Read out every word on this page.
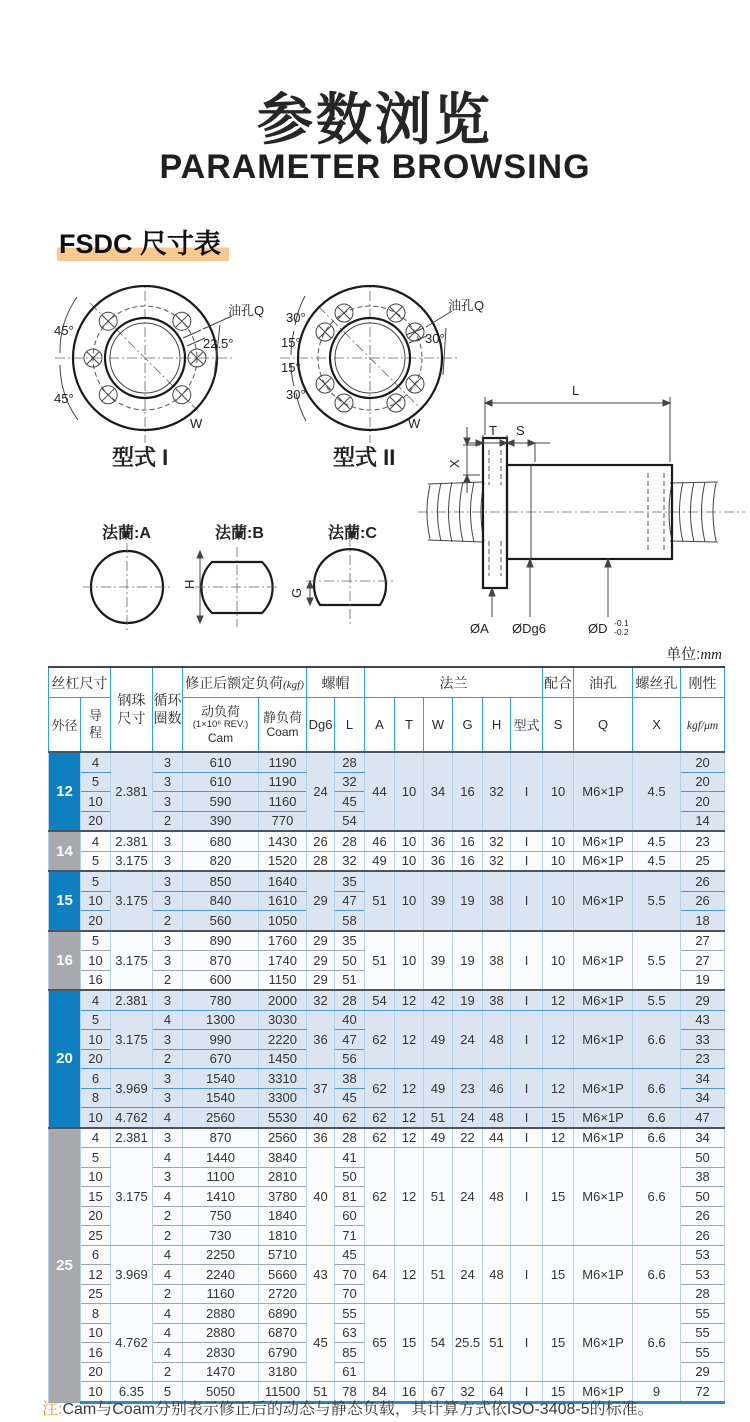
参数浏览
PARAMETER BROWSING
FSDC 尺寸表
45°
45°
22.5°
油孔Q
W
型式 I
30°
15°
15°
30°
30°
油孔Q
W
型式 II
法蘭:A	法蘭:B
H
法蘭:C
G
L
T S
X
ØA ØDg6	ØD -0.1
-0.2
单位:mm
丝杠尺寸		钢珠尺寸	循环圈数	修正后额定负荷(kgf)		螺帽		法兰						配合	油孔	螺丝孔	刚性
外径	导程			动负荷
(1×10⁶ REV.)
Cam	静负荷
Coam	Dg6	L	A	T	W	G	H	型式	S	Q	X	kgf/μm
12	4	2.381	3	610	1190	24	28	44	10	34	16	32	I	10	M6×1P	4.5	20
	5		3	610	1190		32										20
	10		3	590	1160		45										20
	20		2	390	770		54										14
14	4	2.381	3	680	1430	26	28	46	10	36	16	32	I	10	M6×1P	4.5	23
	5	3.175	3	820	1520	28	32	49	10	36	16	32	I	10	M6×1P	4.5	25
15	5	3.175	3	850	1640	29	35	51	10	39	19	38	I	10	M6×1P	5.5	26
	10		3	840	1610		47										26
	20		2	560	1050		58										18
16	5	3.175	3	890	1760	29	35	51	10	39	19	38	I	10	M6×1P	5.5	27
	10		3	870	1740	29	50										27
	16		2	600	1150	29	51										19
20	4	2.381	3	780	2000	32	28	54	12	42	19	38	I	12	M6×1P	5.5	29
	5	3.175	4	1300	3030	36	40	62	12	49	24	48	I	12	M6×1P	6.6	43
	10		3	990	2220		47										33
	20		2	670	1450		56										23
	6	3.969	3	1540	3310	37	38	62	12	49	23	46	I	12	M6×1P	6.6	34
	8		3	1540	3300		45										34
	10	4.762	4	2560	5530	40	62	62	12	51	24	48	I	15	M6×1P	6.6	47
25	4	2.381	3	870	2560	36	28	62	12	49	22	44	I	12	M6×1P	6.6	34
	5	3.175	4	1440	3840	40	41	62	12	51	24	48	I	15	M6×1P	6.6	50
	10		3	1100	2810		50										38
	15		4	1410	3780		81										50
	20		2	750	1840		60										26
	25		2	730	1810		71										26
	6	3.969	4	2250	5710	43	45	64	12	51	24	48	I	15	M6×1P	6.6	53
	12		4	2240	5660		70										53
	25		2	1160	2720		70										28
	8	4.762	4	2880	6890	45	55	65	15	54	25.5	51	I	15	M6×1P	6.6	55
	10		4	2880	6870		63										55
	16		4	2830	6790		85										55
	20		2	1470	3180		61										29
	10	6.35	5	5050	11500	51	78	84	16	67	32	64	I	15	M6×1P	9	72
注:Cam与Coam分别表示修正后的动态与静态负载，其计算方式依ISO-3408-5的标准。
